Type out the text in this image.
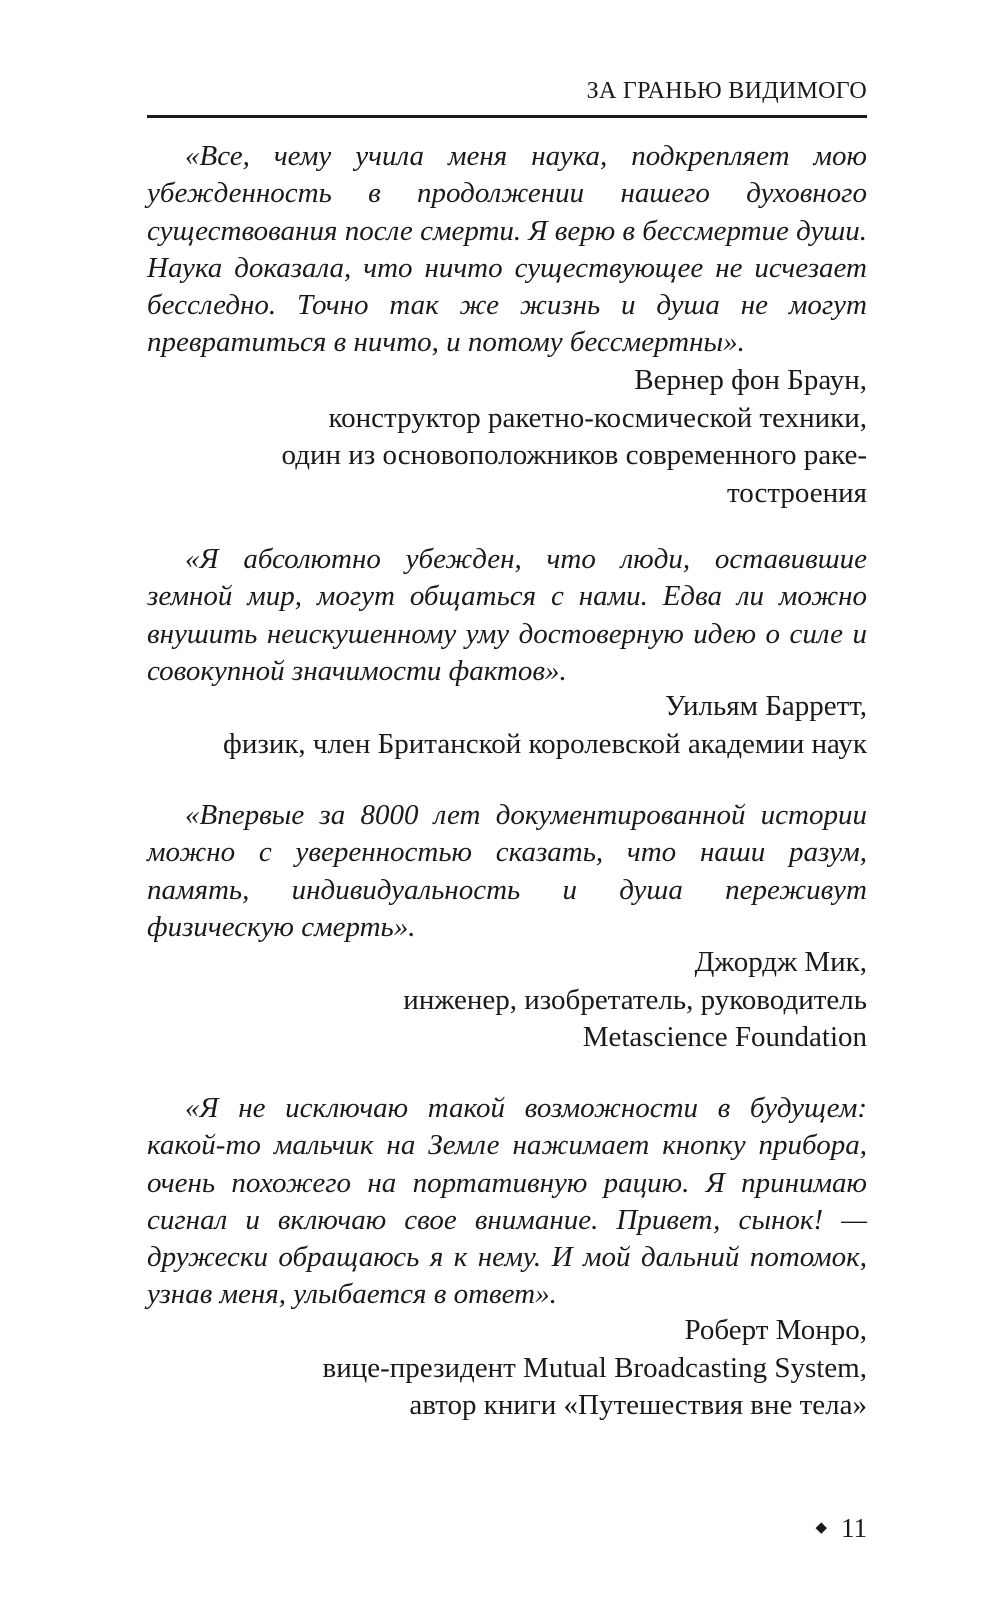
ЗА ГРАНЬЮ ВИДИМОГО

«Все, чему учила меня наука, подкрепляет мою убежденность в продолжении нашего духовного существования после смерти. Я верю в бессмертие души. Наука доказала, что ничто существующее не исчезает бесследно. Точно так же жизнь и душа не могут превратиться в ничто, и потому бессмертны».

Вернер фон Браун,
конструктор ракетно-космической техники,
один из основоположников современного раке-
тостроения

«Я абсолютно убежден, что люди, оставившие земной мир, могут общаться с нами. Едва ли можно внушить неискушенному уму достоверную идею о силе и совокупной значимости фактов».

Уильям Барретт,
физик, член Британской королевской академии наук

«Впервые за 8000 лет документированной истории можно с уверенностью сказать, что наши разум, память, индивидуальность и душа переживут физическую смерть».

Джордж Мик,
инженер, изобретатель, руководитель
Metascience Foundation

«Я не исключаю такой возможности в будущем: какой-то мальчик на Земле нажимает кнопку прибора, очень похожего на портативную рацию. Я принимаю сигнал и включаю свое внимание. Привет, сынок! — дружески обращаюсь я к нему. И мой дальний потомок, узнав меня, улыбается в ответ».

Роберт Монро,
вице-президент Mutual Broadcasting System,
автор книги «Путешествия вне тела»
◆ 11
